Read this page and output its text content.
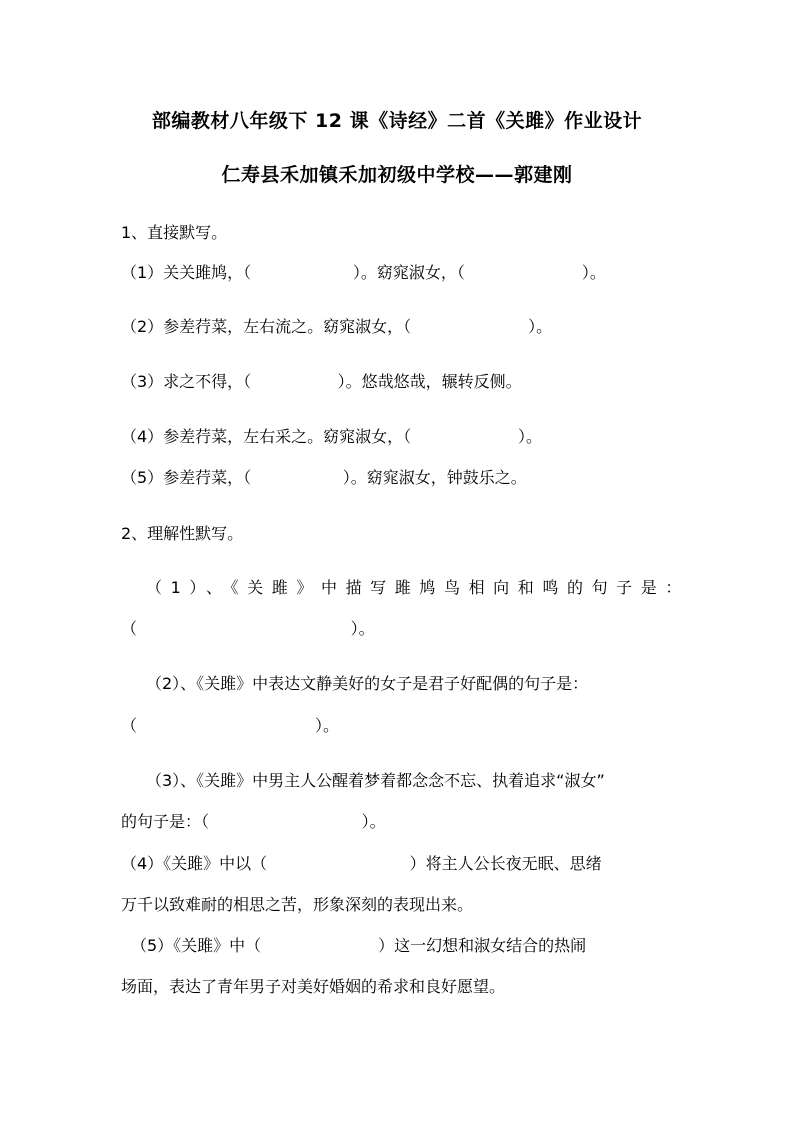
部编教材八年级下 12 课《诗经》二首《关雎》作业设计
仁寿县禾加镇禾加初级中学校——郭建刚
1、直接默写。
（1）关关雎鸠，（                    ）。窈窕淑女，（                       ）。
（2）参差荇菜，左右流之。窈窕淑女，（                       ）。
（3）求之不得，（                 ）。悠哉悠哉，辗转反侧。
（4）参差荇菜，左右采之。窈窕淑女，（                     ）。
（5）参差荇菜，（                  ）。窈窕淑女，钟鼓乐之。
2、理解性默写。
（1）、《关雎》中描写雎鸠鸟相向和鸣的句子是：
（                                          ）。
（2）、《关雎》中表达文静美好的女子是君子好配偶的句子是：
（                                   ）。
（3）、《关雎》中男主人公醒着梦着都念念不忘、执着追求“淑女”
的句子是：（                              ）。
（4）《关雎》中以（                            ）将主人公长夜无眠、思绪
万千以致难耐的相思之苦，形象深刻的表现出来。
（5）《关雎》中（                       ）这一幻想和淑女结合的热闹
场面，表达了青年男子对美好婚姻的希求和良好愿望。
